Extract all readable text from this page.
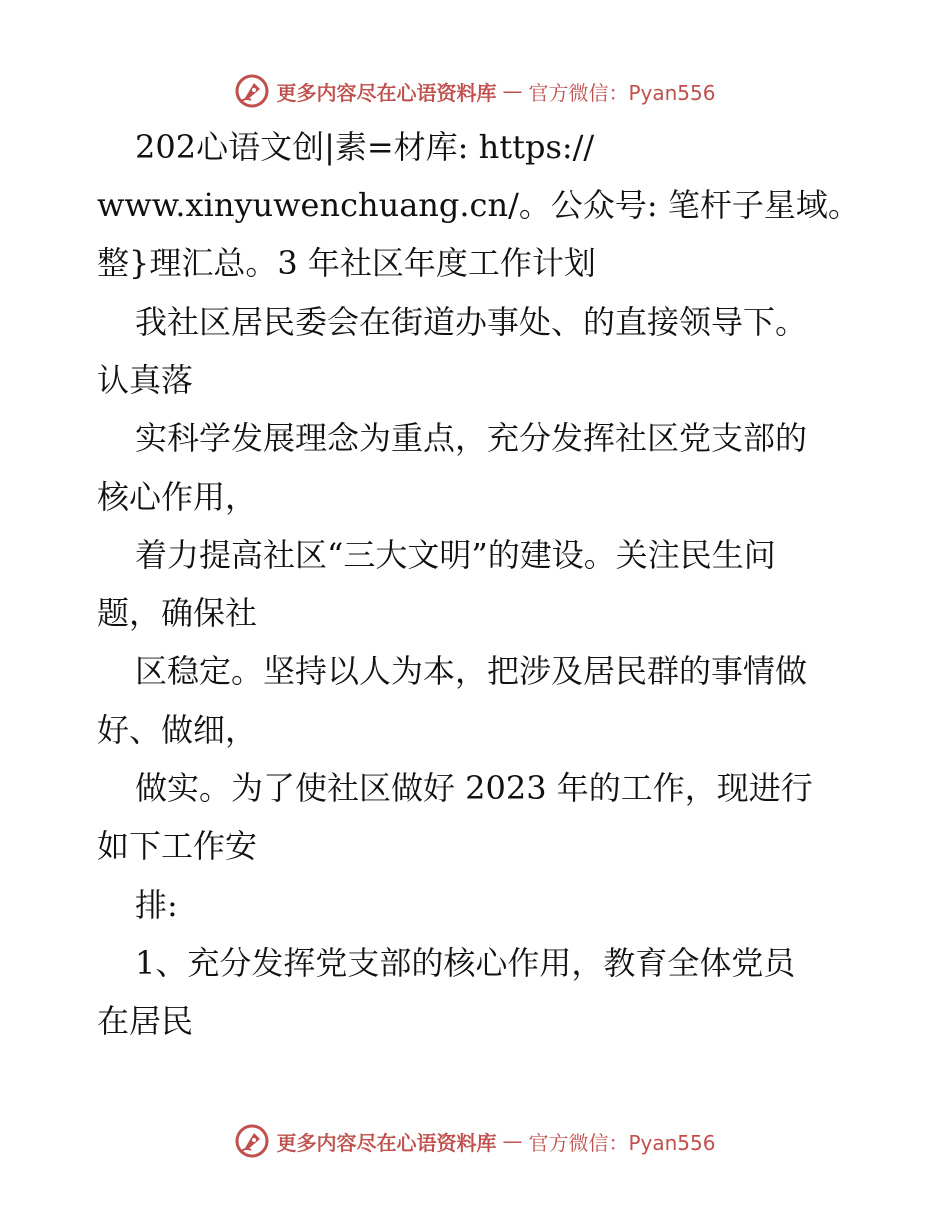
更多内容尽在心语资料库 — 官方微信：Pyan556
202心语文创|素=材库: https://
www.xinyuwenchuang.cn/。公众号: 笔杆子星域。
整}理汇总。3 年社区年度工作计划
我社区居民委会在街道办事处、的直接领导下。
认真落
实科学发展理念为重点，充分发挥社区党支部的
核心作用，
着力提高社区“三大文明”的建设。关注民生问
题，确保社
区稳定。坚持以人为本，把涉及居民群的事情做
好、做细，
做实。为了使社区做好 2023 年的工作，现进行
如下工作安
排:
1、充分发挥党支部的核心作用，教育全体党员
在居民
更多内容尽在心语资料库 — 官方微信：Pyan556
